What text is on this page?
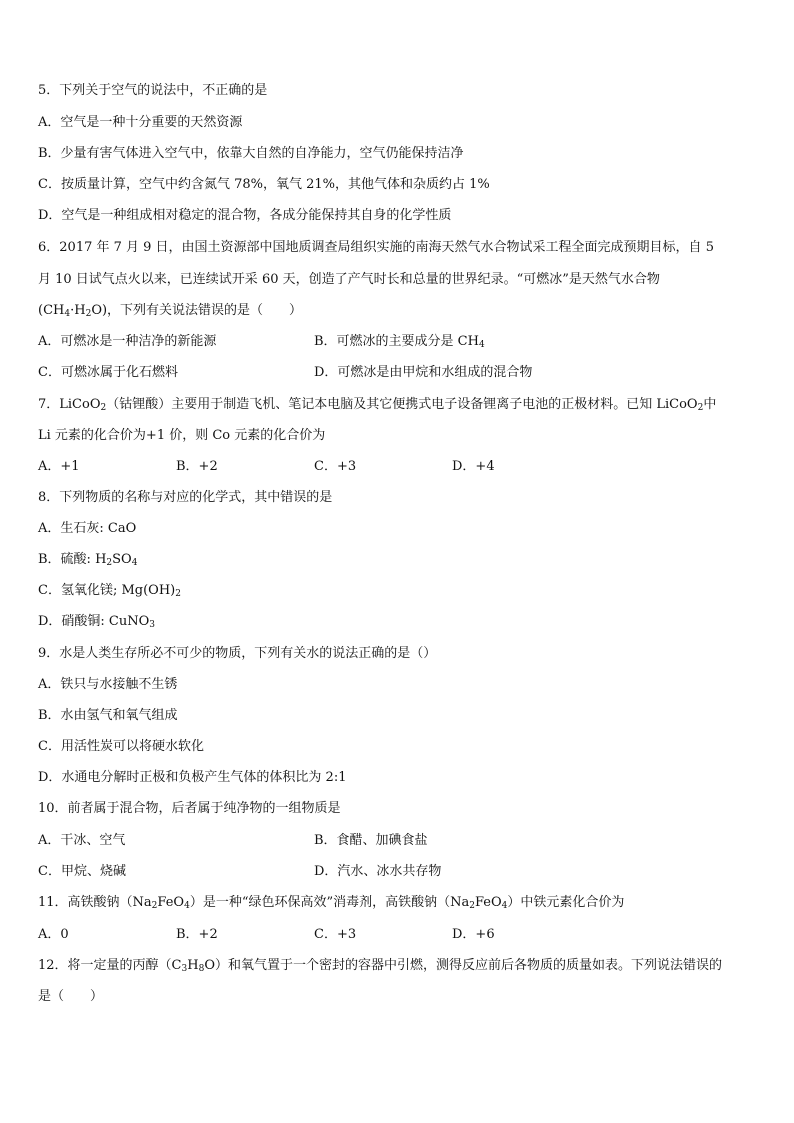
5．下列关于空气的说法中，不正确的是
A．空气是一种十分重要的天然资源
B．少量有害气体进入空气中，依靠大自然的自净能力，空气仍能保持洁净
C．按质量计算，空气中约含氮气 78%，氧气 21%，其他气体和杂质约占 1%
D．空气是一种组成相对稳定的混合物，各成分能保持其自身的化学性质
6．2017 年 7 月 9 日，由国土资源部中国地质调查局组织实施的南海天然气水合物试采工程全面完成预期目标，自 5
月 10 日试气点火以来，已连续试开采 60 天，创造了产气时长和总量的世界纪录。“可燃冰”是天然气水合物
$(CH_4\cdot H_2O)$，下列有关说法错误的是（　　）
A．可燃冰是一种洁净的新能源	B．可燃冰的主要成分是 $CH_4$
C．可燃冰属于化石燃料	D．可燃冰是由甲烷和水组成的混合物
7．LiCoO$_2$（钴锂酸）主要用于制造飞机、笔记本电脑及其它便携式电子设备锂离子电池的正极材料。已知 LiCoO$_2$中
Li 元素的化合价为+1 价，则 Co 元素的化合价为
A．+1	B．+2	C．+3	D．+4
8．下列物质的名称与对应的化学式，其中错误的是
A．生石灰: CaO
B．硫酸: $H_2SO_4$
C．氢氧化镁; $Mg(OH)_2$
D．硝酸铜: CuNO$_3$
9．水是人类生存所必不可少的物质，下列有关水的说法正确的是（）
A．铁只与水接触不生锈
B．水由氢气和氧气组成
C．用活性炭可以将硬水软化
D．水通电分解时正极和负极产生气体的体积比为 2:1
10．前者属于混合物，后者属于纯净物的一组物质是
A．干冰、空气	B．食醋、加碘食盐
C．甲烷、烧碱	D．汽水、冰水共存物
11．高铁酸钠$(Na_2FeO_4)$是一种“绿色环保高效”消毒剂，高铁酸钠$(Na_2FeO_4)$中铁元素化合价为
A．0	B．+2	C．+3	D．+6
12．将一定量的丙醇$(C_3H_8O)$和氧气置于一个密封的容器中引燃，测得反应前后各物质的质量如表。下列说法错误的
是（　　）
